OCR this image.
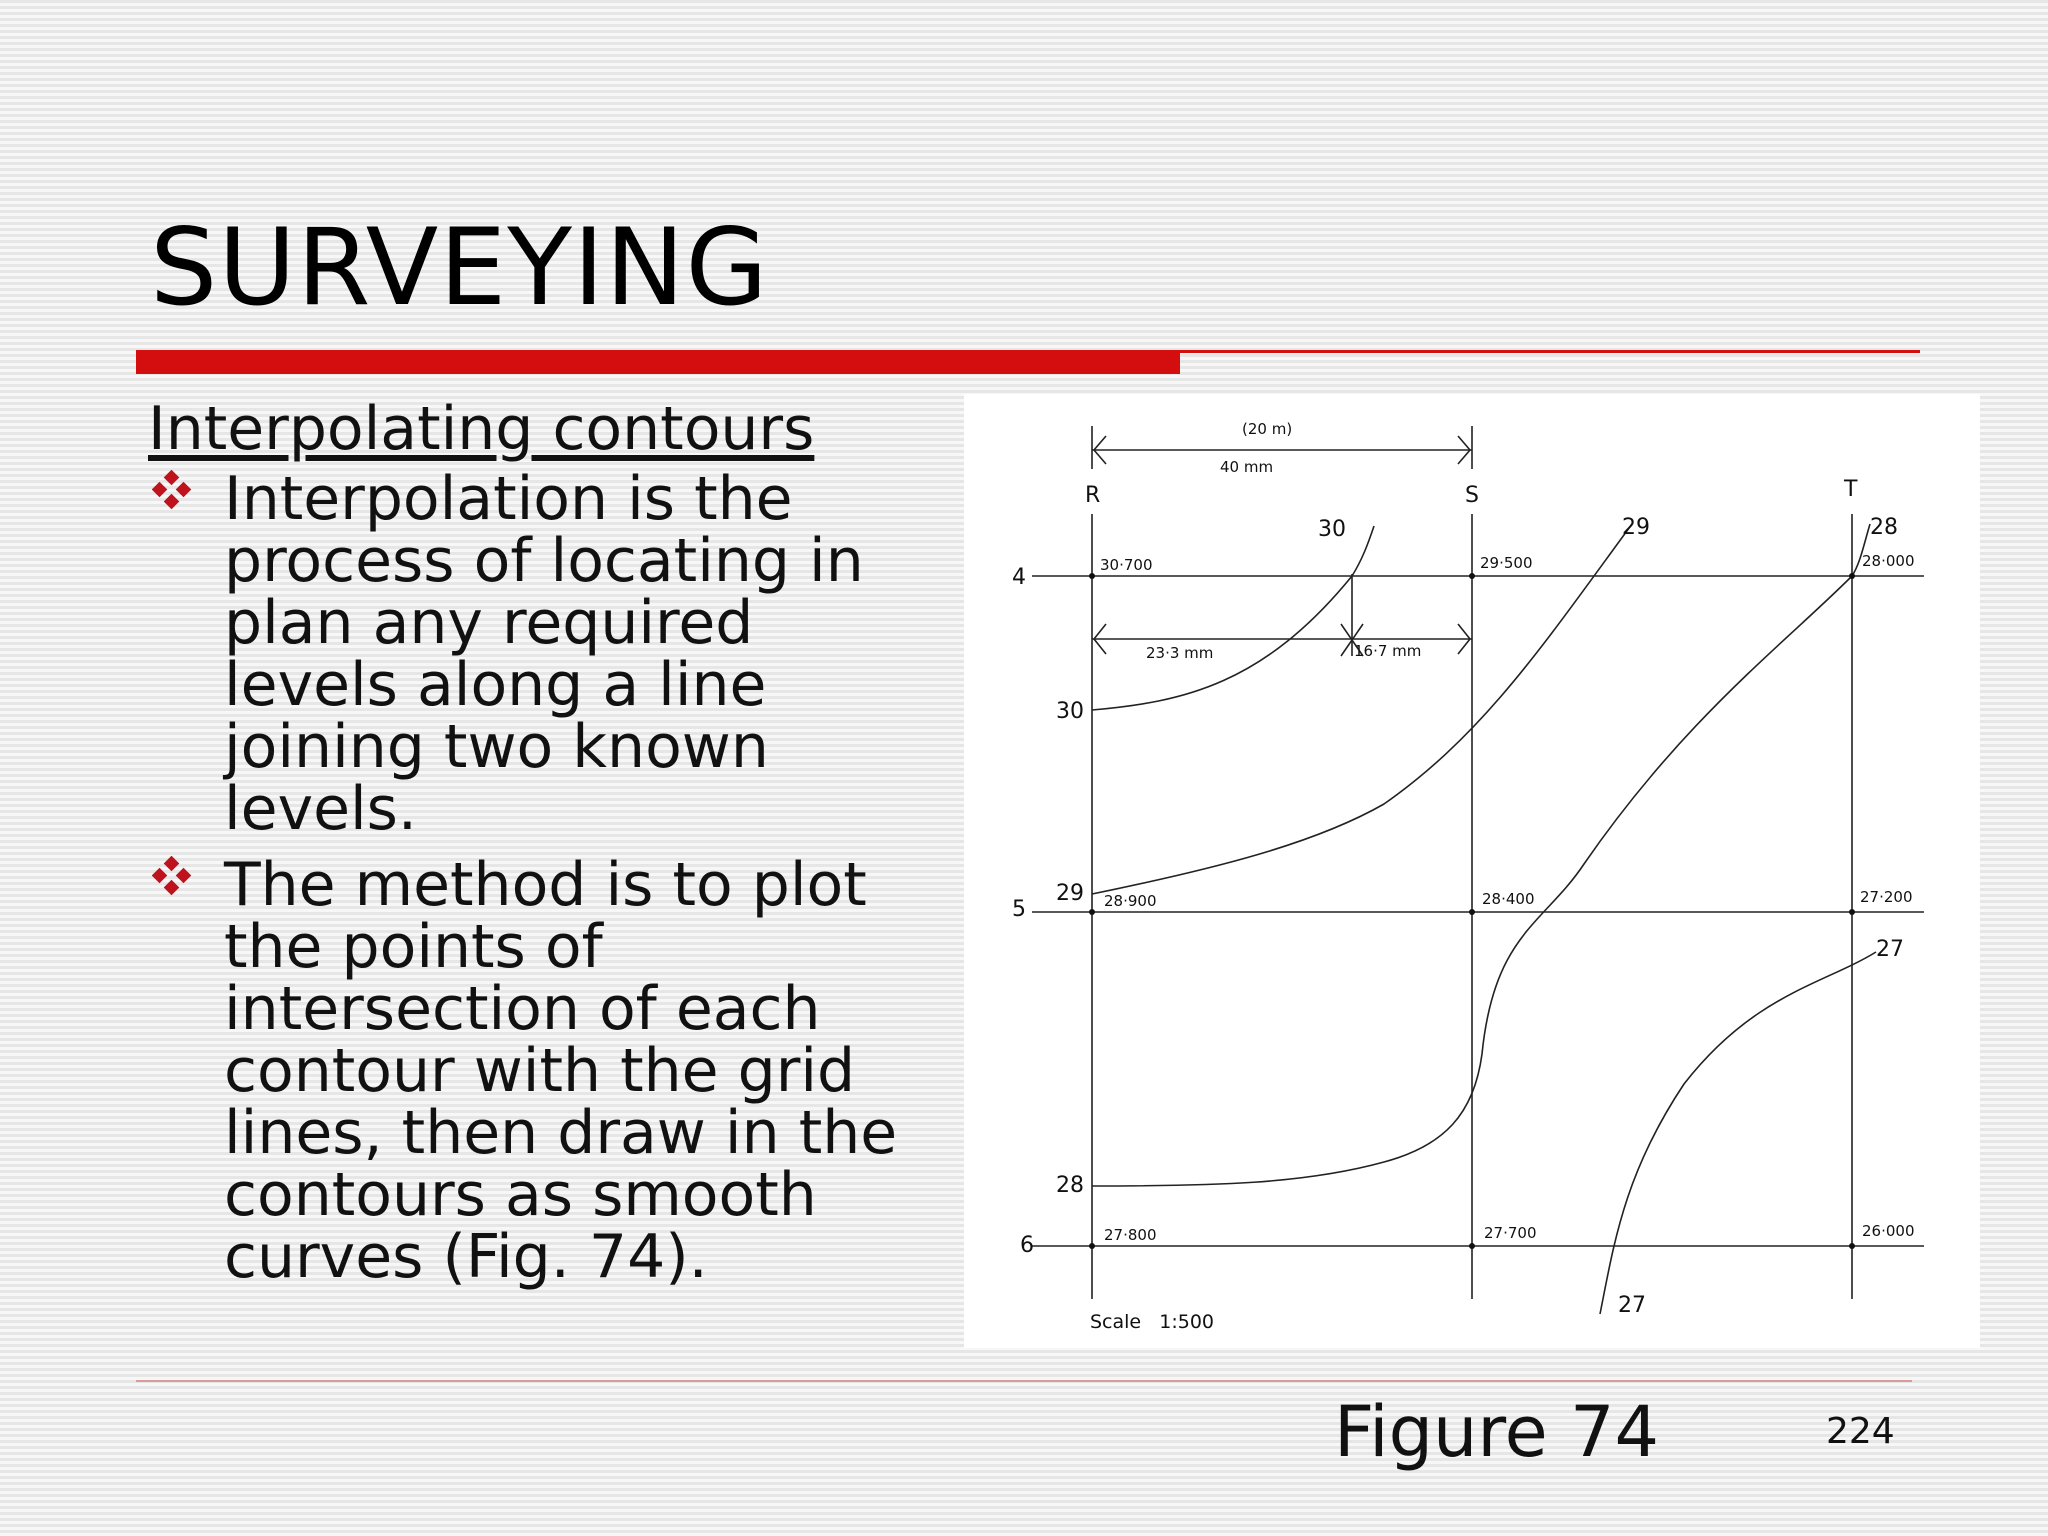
SURVEYING
Interpolating contours
Interpolation is the process of locating in plan any required levels along a line joining two known levels.
The method is to plot the points of intersection of each contour with the grid lines, then draw in the contours as smooth curves (Fig. 74).
(20 m)
40 mm
R	S	T
4
5
6
30·700	29·500	28·000
28·900	28·400	27·200
27·800	27·700	26·000
23·3 mm	16·7 mm
30	29	28
30
29
28
27
27
Scale   1:500
Figure 74	224
